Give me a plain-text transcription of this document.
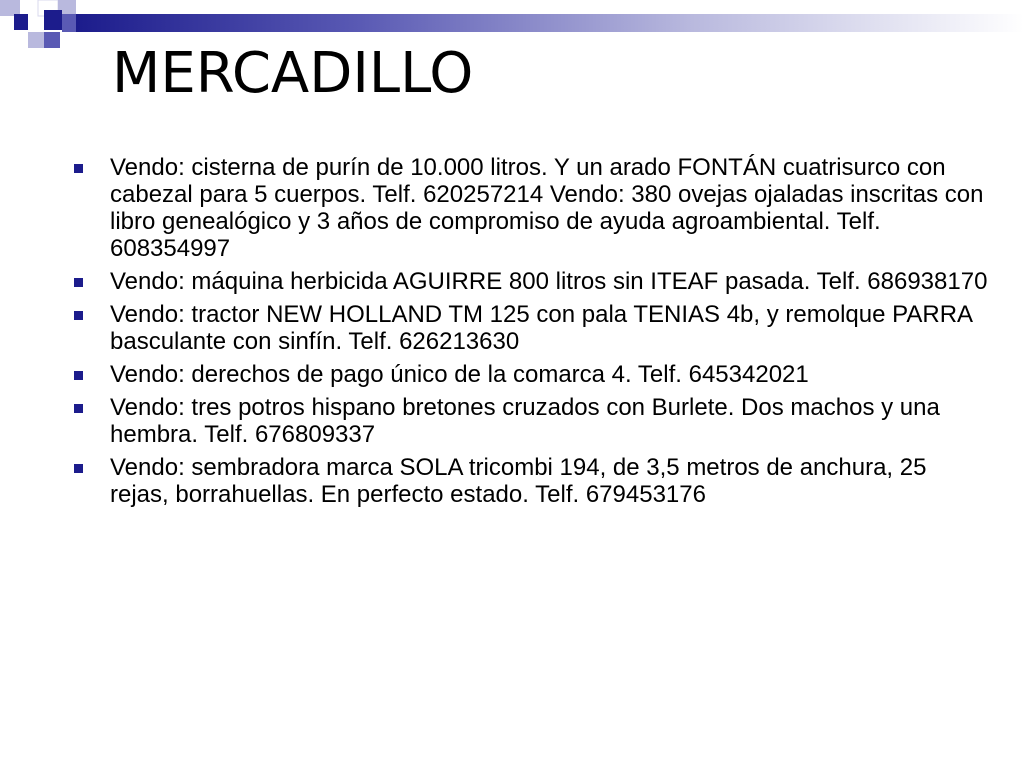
MERCADILLO
Vendo: cisterna de purín de 10.000 litros. Y un arado FONTÁN cuatrisurco con cabezal para 5 cuerpos. Telf. 620257214 Vendo: 380 ovejas ojaladas inscritas con libro genealógico y 3 años de compromiso de ayuda agroambiental. Telf. 608354997
Vendo: máquina herbicida AGUIRRE 800 litros sin ITEAF pasada. Telf. 686938170
Vendo: tractor NEW HOLLAND TM 125 con pala TENIAS 4b, y remolque PARRA basculante con sinfín. Telf. 626213630
Vendo: derechos de pago único de la comarca 4. Telf. 645342021
Vendo: tres potros hispano bretones cruzados con Burlete. Dos machos y una hembra. Telf. 676809337
Vendo: sembradora marca SOLA tricombi 194, de 3,5 metros de anchura, 25 rejas, borrahuellas. En perfecto estado. Telf. 679453176
